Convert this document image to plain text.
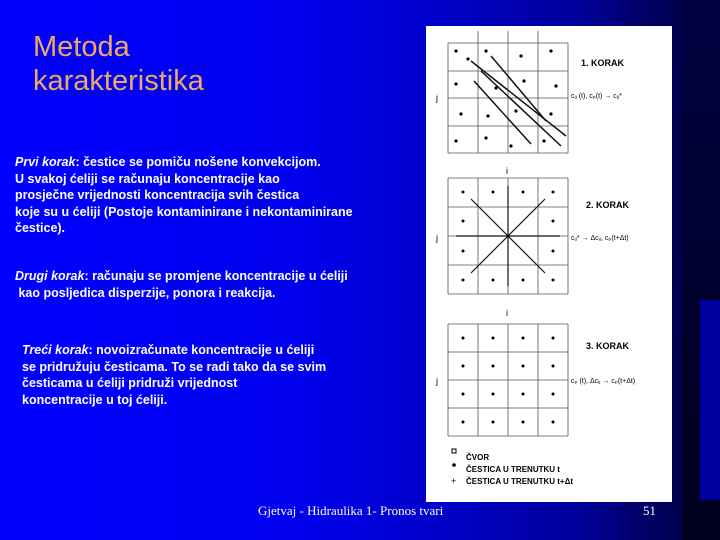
Metoda
karakteristika
Prvi korak: čestice se pomiču nošene konvekcijom.
U svakoj ćeliji se računaju koncentracije kao
prosječne vrijednosti koncentracija svih čestica
koje su u ćeliji (Postoje kontaminirane i nekontaminirane
čestice).
Drugi korak: računaju se promjene koncentracije u ćeliji
kao posljedica disperzije, ponora i reakcija.
Treći korak: novoizračunate koncentracije u ćeliji
se pridružuju česticama. To se radi tako da se svim
česticama u ćeliji pridruži vrijednost
koncentracije u toj ćeliji.
j
1. KORAK
cᵢⱼ (t), cₚ(t) → cᵢⱼ*
i
j
2. KORAK
cᵢⱼ* → Δcᵢⱼ, cₚ(t+Δt)
i
j
3. KORAK
cₚ (t), Δcᵢⱼ → cₚ(t+Δt)
+
ČVOR
ČESTICA U TRENUTKU t
ČESTICA U TRENUTKU t+Δt
Gjetvaj - Hidraulika 1- Pronos tvari	51
